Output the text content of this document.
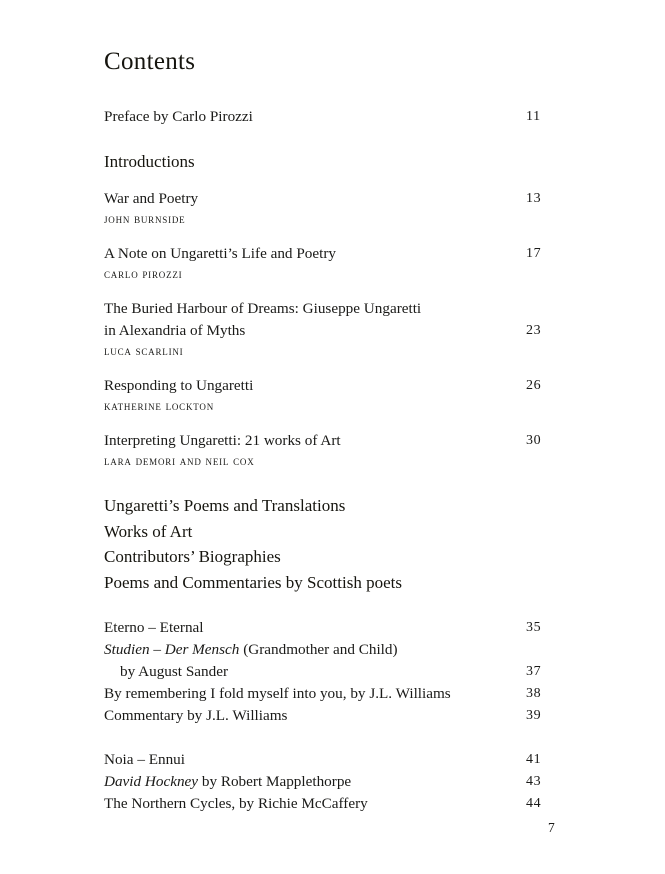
Contents
Preface by Carlo Pirozzi	11
Introductions
War and Poetry	13
john burnside
A Note on Ungaretti’s Life and Poetry	17
carlo pirozzi
The Buried Harbour of Dreams: Giuseppe Ungaretti
in Alexandria of Myths	23
luca scarlini
Responding to Ungaretti	26
katherine lockton
Interpreting Ungaretti: 21 works of Art	30
lara demori and neil cox
Ungaretti’s Poems and Translations
Works of Art
Contributors’ Biographies
Poems and Commentaries by Scottish poets
Eterno – Eternal	35
Studien – Der Mensch (Grandmother and Child)
by August Sander	37
By remembering I fold myself into you, by J.L. Williams	38
Commentary by J.L. Williams	39
Noia – Ennui	41
David Hockney by Robert Mapplethorpe	43
The Northern Cycles, by Richie McCaffery	44
7
